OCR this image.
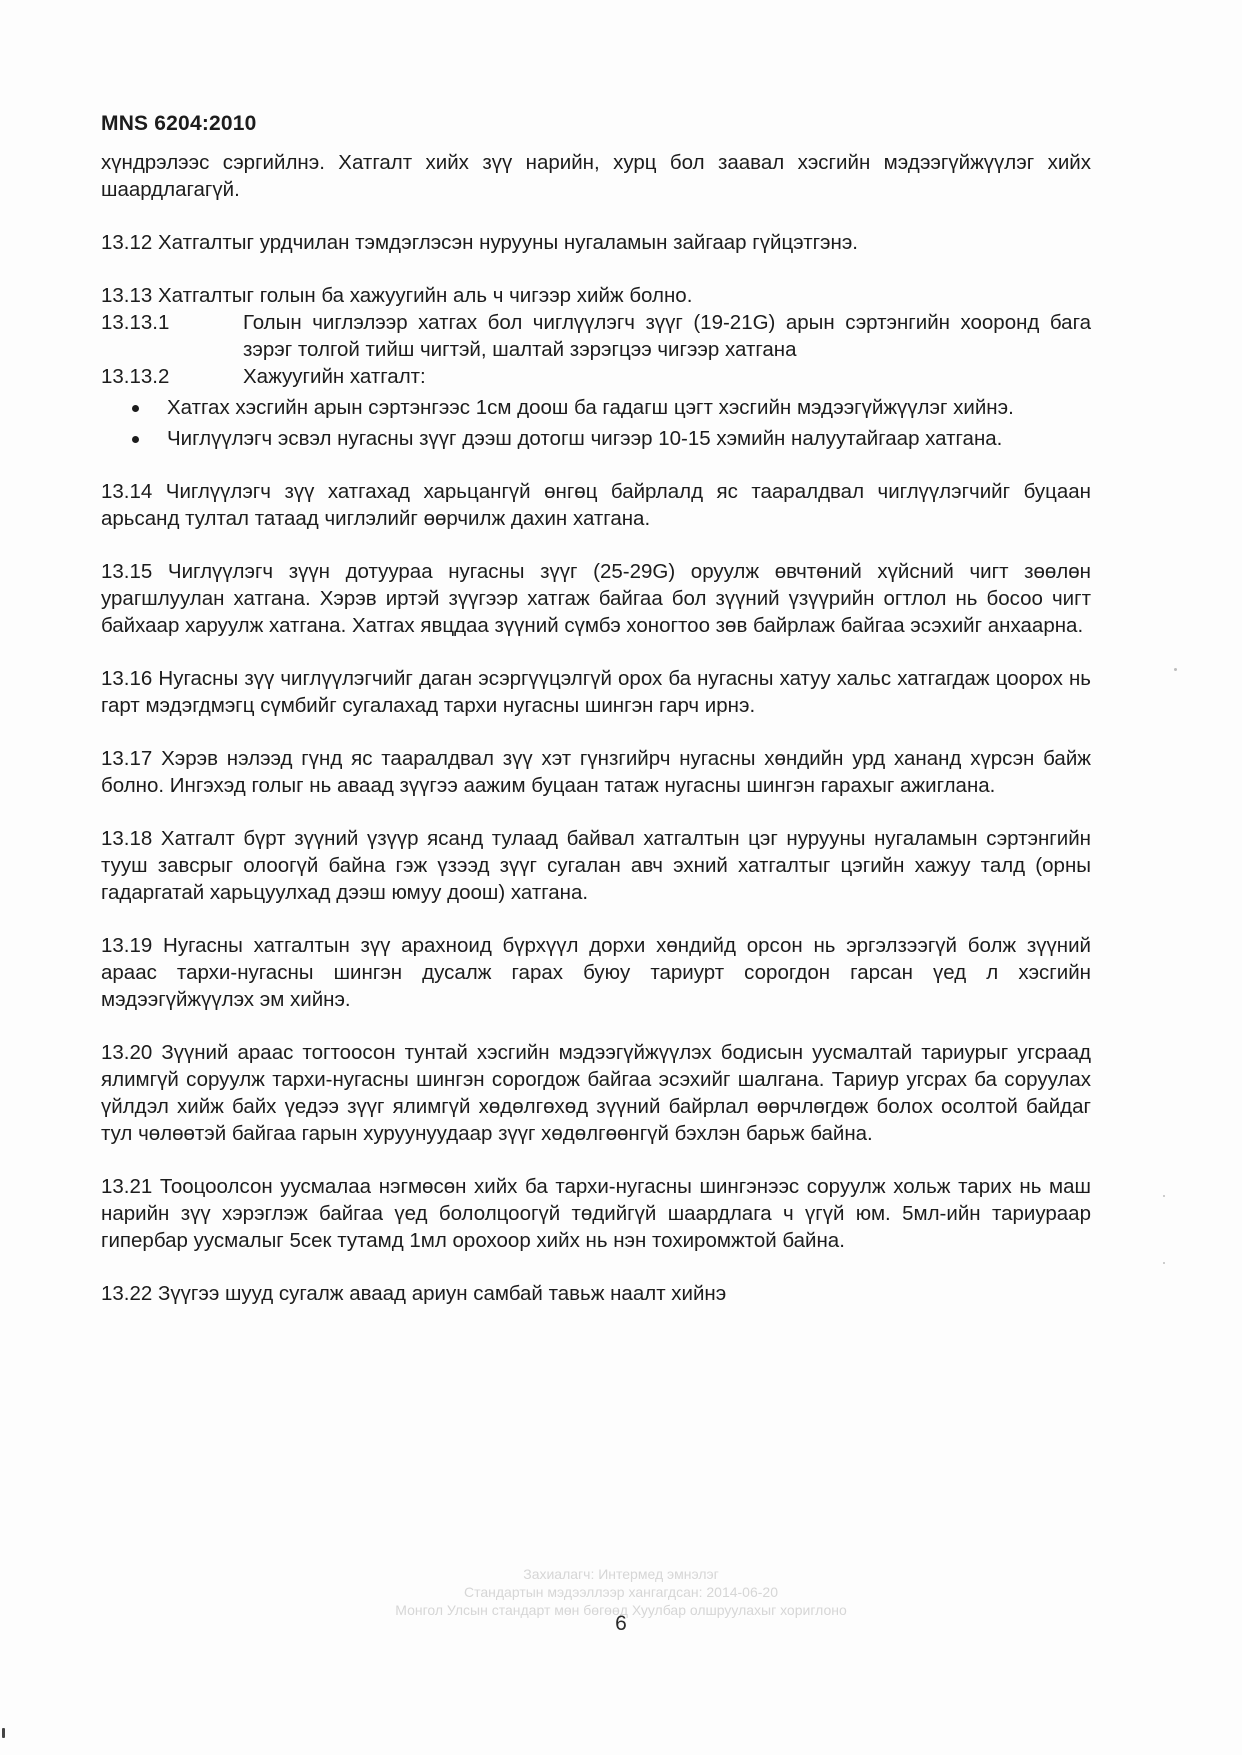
MNS 6204:2010

хүндрэлээс сэргийлнэ. Хатгалт хийх зүү нарийн, хурц бол заавал хэсгийн мэдээгүйжүүлэг хийх шаардлагагүй.

13.12 Хатгалтыг урдчилан тэмдэглэсэн нурууны нугаламын зайгаар гүйцэтгэнэ.

13.13 Хатгалтыг голын ба хажуугийн аль ч чигээр хийж болно.

13.13.1	Голын чиглэлээр хатгах бол чиглүүлэгч зүүг (19-21G) арын сэртэнгийн хооронд бага зэрэг толгой тийш чигтэй, шалтай зэрэгцээ чигээр хатгана
13.13.2	Хажуугийн хатгалт:
Хатгах хэсгийн арын сэртэнгээс 1см доош ба гадагш цэгт хэсгийн мэдээгүйжүүлэг хийнэ.
Чиглүүлэгч эсвэл нугасны зүүг дээш дотогш чигээр 10-15 хэмийн налуутайгаар хатгана.

13.14 Чиглүүлэгч зүү хатгахад харьцангүй өнгөц байрлалд яс тааралдвал чиглүүлэгчийг буцаан арьсанд тултал татаад чиглэлийг өөрчилж дахин хатгана.

13.15 Чиглүүлэгч зүүн дотуураа нугасны зүүг (25-29G) оруулж өвчтөний хүйсний чигт зөөлөн урагшлуулан хатгана. Хэрэв иртэй зүүгээр хатгаж байгаа бол зүүний үзүүрийн огтлол нь босоо чигт байхаар харуулж хатгана. Хатгах явцдаа зүүний сүмбэ хоногтоо зөв байрлаж байгаа эсэхийг анхаарна.

13.16 Нугасны зүү чиглүүлэгчийг даган эсэргүүцэлгүй орох ба нугасны хатуу хальс хатгагдаж цоорох нь гарт мэдэгдмэгц сүмбийг сугалахад тархи нугасны шингэн гарч ирнэ.

13.17 Хэрэв нэлээд гүнд яс тааралдвал зүү хэт гүнзгийрч нугасны хөндийн урд хананд хүрсэн байж болно. Ингэхэд голыг нь аваад зүүгээ аажим буцаан татаж нугасны шингэн гарахыг ажиглана.

13.18 Хатгалт бүрт зүүний үзүүр ясанд тулаад байвал хатгалтын цэг нурууны нугаламын сэртэнгийн тууш завсрыг олоогүй байна гэж үзээд зүүг сугалан авч эхний хатгалтыг цэгийн хажуу талд (орны гадаргатай харьцуулхад дээш юмуу доош) хатгана.

13.19 Нугасны хатгалтын зүү арахноид бүрхүүл дорхи хөндийд орсон нь эргэлзээгүй болж зүүний араас тархи-нугасны шингэн дусалж гарах буюу тариурт сорогдон гарсан үед л хэсгийн мэдээгүйжүүлэх эм хийнэ.

13.20 Зүүний араас тогтоосон тунтай хэсгийн мэдээгүйжүүлэх бодисын уусмалтай тариурыг угсраад ялимгүй соруулж тархи-нугасны шингэн сорогдож байгаа эсэхийг шалгана. Тариур угсрах ба соруулах үйлдэл хийж байх үедээ зүүг ялимгүй хөдөлгөхөд зүүний байрлал өөрчлөгдөж болох осолтой байдаг тул чөлөөтэй байгаа гарын хуруунуудаар зүүг хөдөлгөөнгүй бэхлэн барьж байна.

13.21 Тооцоолсон уусмалаа нэгмөсөн хийх ба тархи-нугасны шингэнээс соруулж хольж тарих нь маш нарийн зүү хэрэглэж байгаа үед бололцоогүй төдийгүй шаардлага ч үгүй юм. 5мл-ийн тариураар гипербар уусмалыг 5сек тутамд 1мл орохоор хийх нь нэн тохиромжтой байна.

13.22 Зүүгээ шууд сугалж аваад ариун самбай тавьж наалт хийнэ

Захиалагч: Интермед эмнэлэг
Стандартын мэдээллээр хангагдсан: 2014-06-20
Монгол Улсын стандарт мөн бөгөөд Хуулбар олшруулахыг хориглоно
6
